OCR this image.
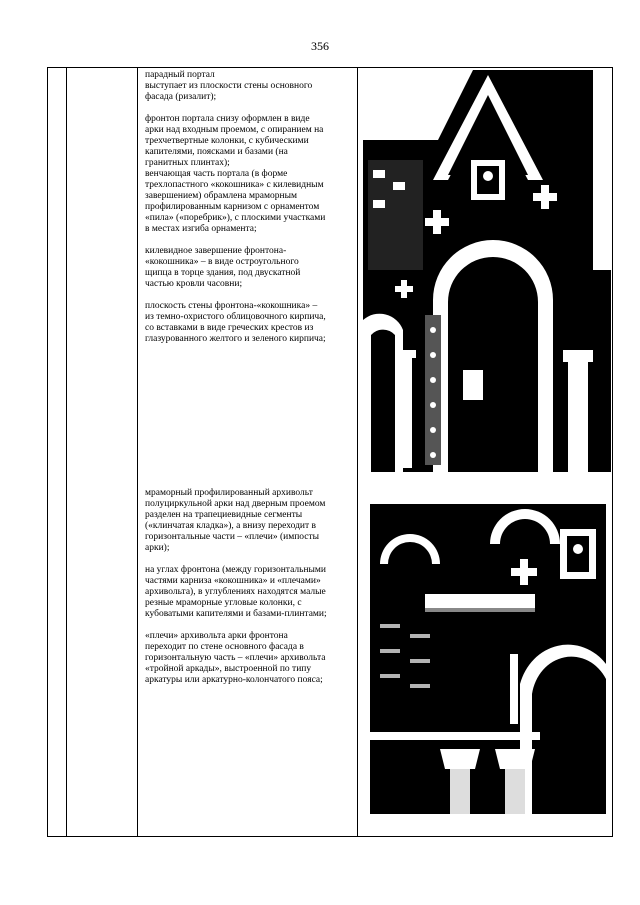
356

парадный портал
выступает из плоскости стены основного
фасада (ризалит);

фронтон портала снизу оформлен в виде
арки над входным проемом, с опиранием на
трехчетвертные колонки, с кубическими
капителями, поясками и базами (на
гранитных плинтах);
венчающая часть портала (в форме
трехлопастного «кокошника» с килевидным
завершением) обрамлена мраморным
профилированным карнизом с орнаментом
«пила» («поребрик»), с плоскими участками
в местах изгиба орнамента;

килевидное завершение фронтона-
«кокошника» – в виде остроугольного
щипца в торце здания, под двускатной
частью кровли часовни;

плоскость стены фронтона-«кокошника» –
из темно-охристого облицовочного кирпича,
со вставками в виде греческих крестов из
глазурованного желтого и зеленого кирпича;

мраморный профилированный архивольт
полуциркульной арки над дверным проемом
разделен на трапециевидные сегменты
(«клинчатая кладка»), а внизу переходит в
горизонтальные части – «плечи» (импосты
арки);

на углах фронтона (между горизонтальными
частями карниза «кокошника» и «плечами»
архивольта), в углублениях находятся малые
резные мраморные угловые колонки, с
кубоватыми капителями и базами-плинтами;

«плечи» архивольта арки фронтона
переходит по стене основного фасада в
горизонтальную часть – «плечи» архивольта
«тройной аркады», выстроенной по типу
аркатуры или аркатурно-колончатого пояса;
